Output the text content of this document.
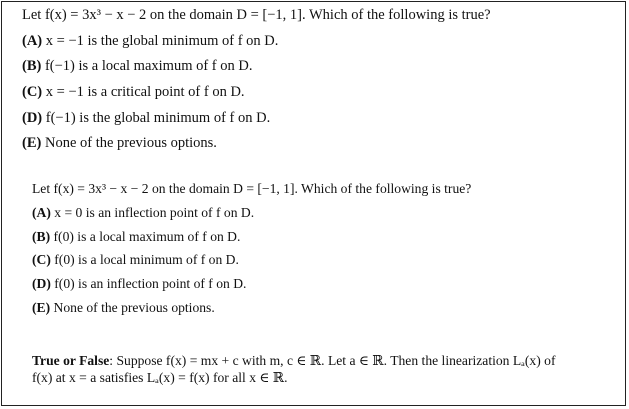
Let f(x) = 3x³ − x − 2 on the domain D = [−1, 1]. Which of the following is true?
(A) x = −1 is the global minimum of f on D.
(B) f(−1) is a local maximum of f on D.
(C) x = −1 is a critical point of f on D.
(D) f(−1) is the global minimum of f on D.
(E) None of the previous options.
Let f(x) = 3x³ − x − 2 on the domain D = [−1, 1]. Which of the following is true?
(A) x = 0 is an inflection point of f on D.
(B) f(0) is a local maximum of f on D.
(C) f(0) is a local minimum of f on D.
(D) f(0) is an inflection point of f on D.
(E) None of the previous options.
True or False: Suppose f(x) = mx + c with m, c ∈ ℝ. Let a ∈ ℝ. Then the linearization Lₐ(x) of
f(x) at x = a satisfies Lₐ(x) = f(x) for all x ∈ ℝ.
